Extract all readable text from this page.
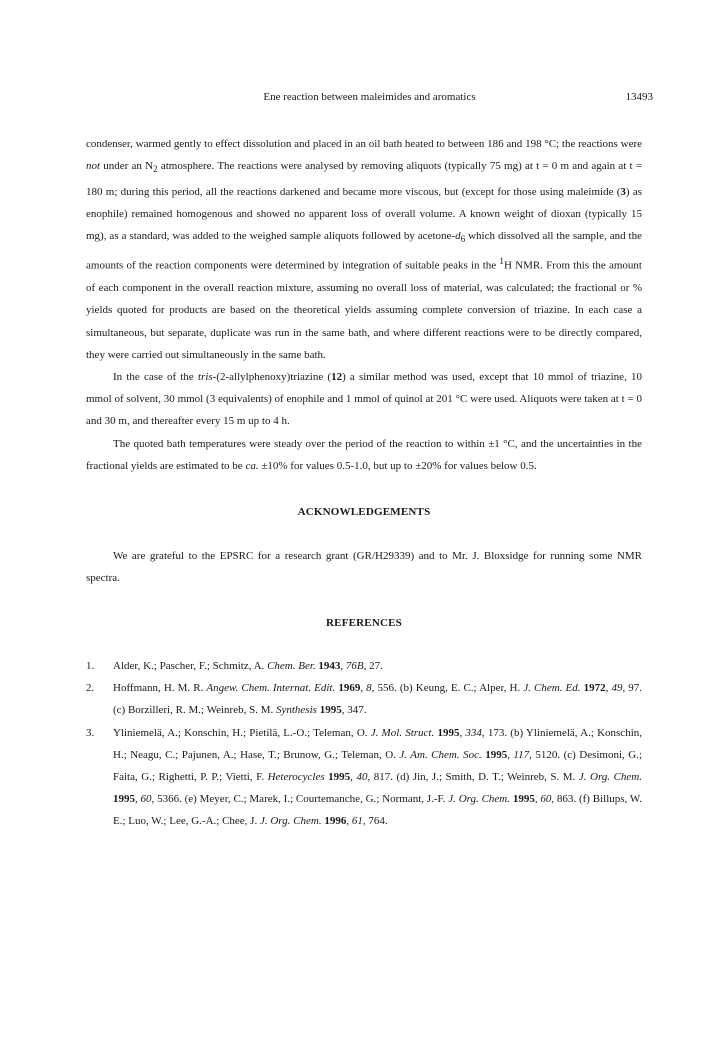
Ene reaction between maleimides and aromatics	13493

condenser, warmed gently to effect dissolution and placed in an oil bath heated to between 186 and 198 °C; the reactions were not under an $N_2$ atmosphere. The reactions were analysed by removing aliquots (typically 75 mg) at t = 0 m and again at t = 180 m; during this period, all the reactions darkened and became more viscous, but (except for those using maleimide (3) as enophile) remained homogenous and showed no apparent loss of overall volume. A known weight of dioxan (typically 15 mg), as a standard, was added to the weighed sample aliquots followed by acetone-$d_6$ which dissolved all the sample, and the amounts of the reaction components were determined by integration of suitable peaks in the $^1$H NMR. From this the amount of each component in the overall reaction mixture, assuming no overall loss of material, was calculated; the fractional or % yields quoted for products are based on the theoretical yields assuming complete conversion of triazine. In each case a simultaneous, but separate, duplicate was run in the same bath, and where different reactions were to be directly compared, they were carried out simultaneously in the same bath.

In the case of the tris-(2-allylphenoxy)triazine (12) a similar method was used, except that 10 mmol of triazine, 10 mmol of solvent, 30 mmol (3 equivalents) of enophile and 1 mmol of quinol at 201 °C were used. Aliquots were taken at t = 0 and 30 m, and thereafter every 15 m up to 4 h.

The quoted bath temperatures were steady over the period of the reaction to within ±1 °C, and the uncertainties in the fractional yields are estimated to be ca. ±10% for values 0.5-1.0, but up to ±20% for values below 0.5.

ACKNOWLEDGEMENTS

We are grateful to the EPSRC for a research grant (GR/H29339) and to Mr. J. Bloxsidge for running some NMR spectra.

REFERENCES
1. Alder, K.; Pascher, F.; Schmitz, A. Chem. Ber. 1943, 76B, 27.
2. Hoffmann, H. M. R. Angew. Chem. Internat. Edit. 1969, 8, 556. (b) Keung, E. C.; Alper, H. J. Chem. Ed. 1972, 49, 97. (c) Borzilleri, R. M.; Weinreb, S. M. Synthesis 1995, 347.
3. Yliniemelä, A.; Konschin, H.; Pietilä, L.-O.; Teleman, O. J. Mol. Struct. 1995, 334, 173. (b) Yliniemelä, A.; Konschin, H.; Neagu, C.; Pajunen, A.; Hase, T.; Brunow, G.; Teleman, O. J. Am. Chem. Soc. 1995, 117, 5120. (c) Desimoni, G.; Faita, G.; Righetti, P. P.; Vietti, F. Heterocycles 1995, 40, 817. (d) Jin, J.; Smith, D. T.; Weinreb, S. M. J. Org. Chem. 1995, 60, 5366. (e) Meyer, C.; Marek, I.; Courtemanche, G.; Normant, J.-F. J. Org. Chem. 1995, 60, 863. (f) Billups, W. E.; Luo, W.; Lee, G.-A.; Chee, J. J. Org. Chem. 1996, 61, 764.
